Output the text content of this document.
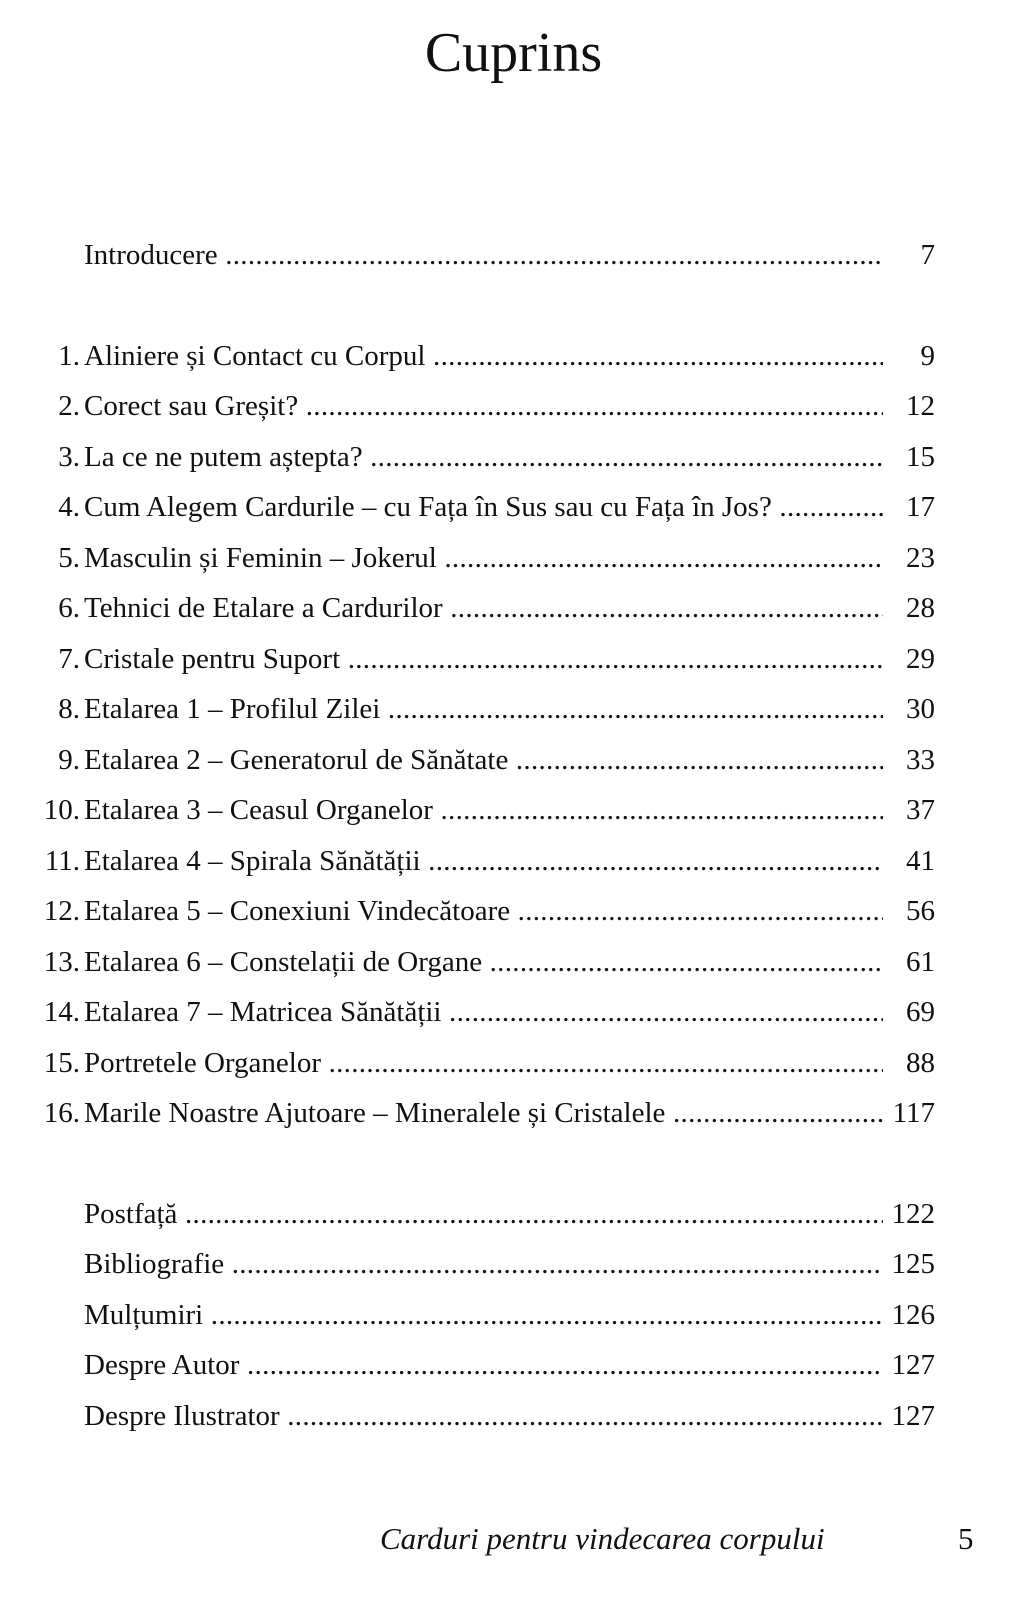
Cuprins
Introducere .....	7
1. Aliniere și Contact cu Corpul .....	9
2. Corect sau Greșit? .....	12
3. La ce ne putem aștepta? .....	15
4. Cum Alegem Cardurile – cu Fața în Sus sau cu Fața în Jos? .....	17
5. Masculin și Feminin – Jokerul .....	23
6. Tehnici de Etalare a Cardurilor .....	28
7. Cristale pentru Suport .....	29
8. Etalarea 1 – Profilul Zilei .....	30
9. Etalarea 2 – Generatorul de Sănătate .....	33
10. Etalarea 3 – Ceasul Organelor .....	37
11. Etalarea 4 – Spirala Sănătății .....	41
12. Etalarea 5 – Conexiuni Vindecătoare .....	56
13. Etalarea 6 – Constelații de Organe .....	61
14. Etalarea 7 – Matricea Sănătății .....	69
15. Portretele Organelor .....	88
16. Marile Noastre Ajutoare – Mineralele și Cristalele .....	117
Postfață .....	122
Bibliografie .....	125
Mulțumiri .....	126
Despre Autor .....	127
Despre Ilustrator .....	127
Carduri pentru vindecarea corpului	5
